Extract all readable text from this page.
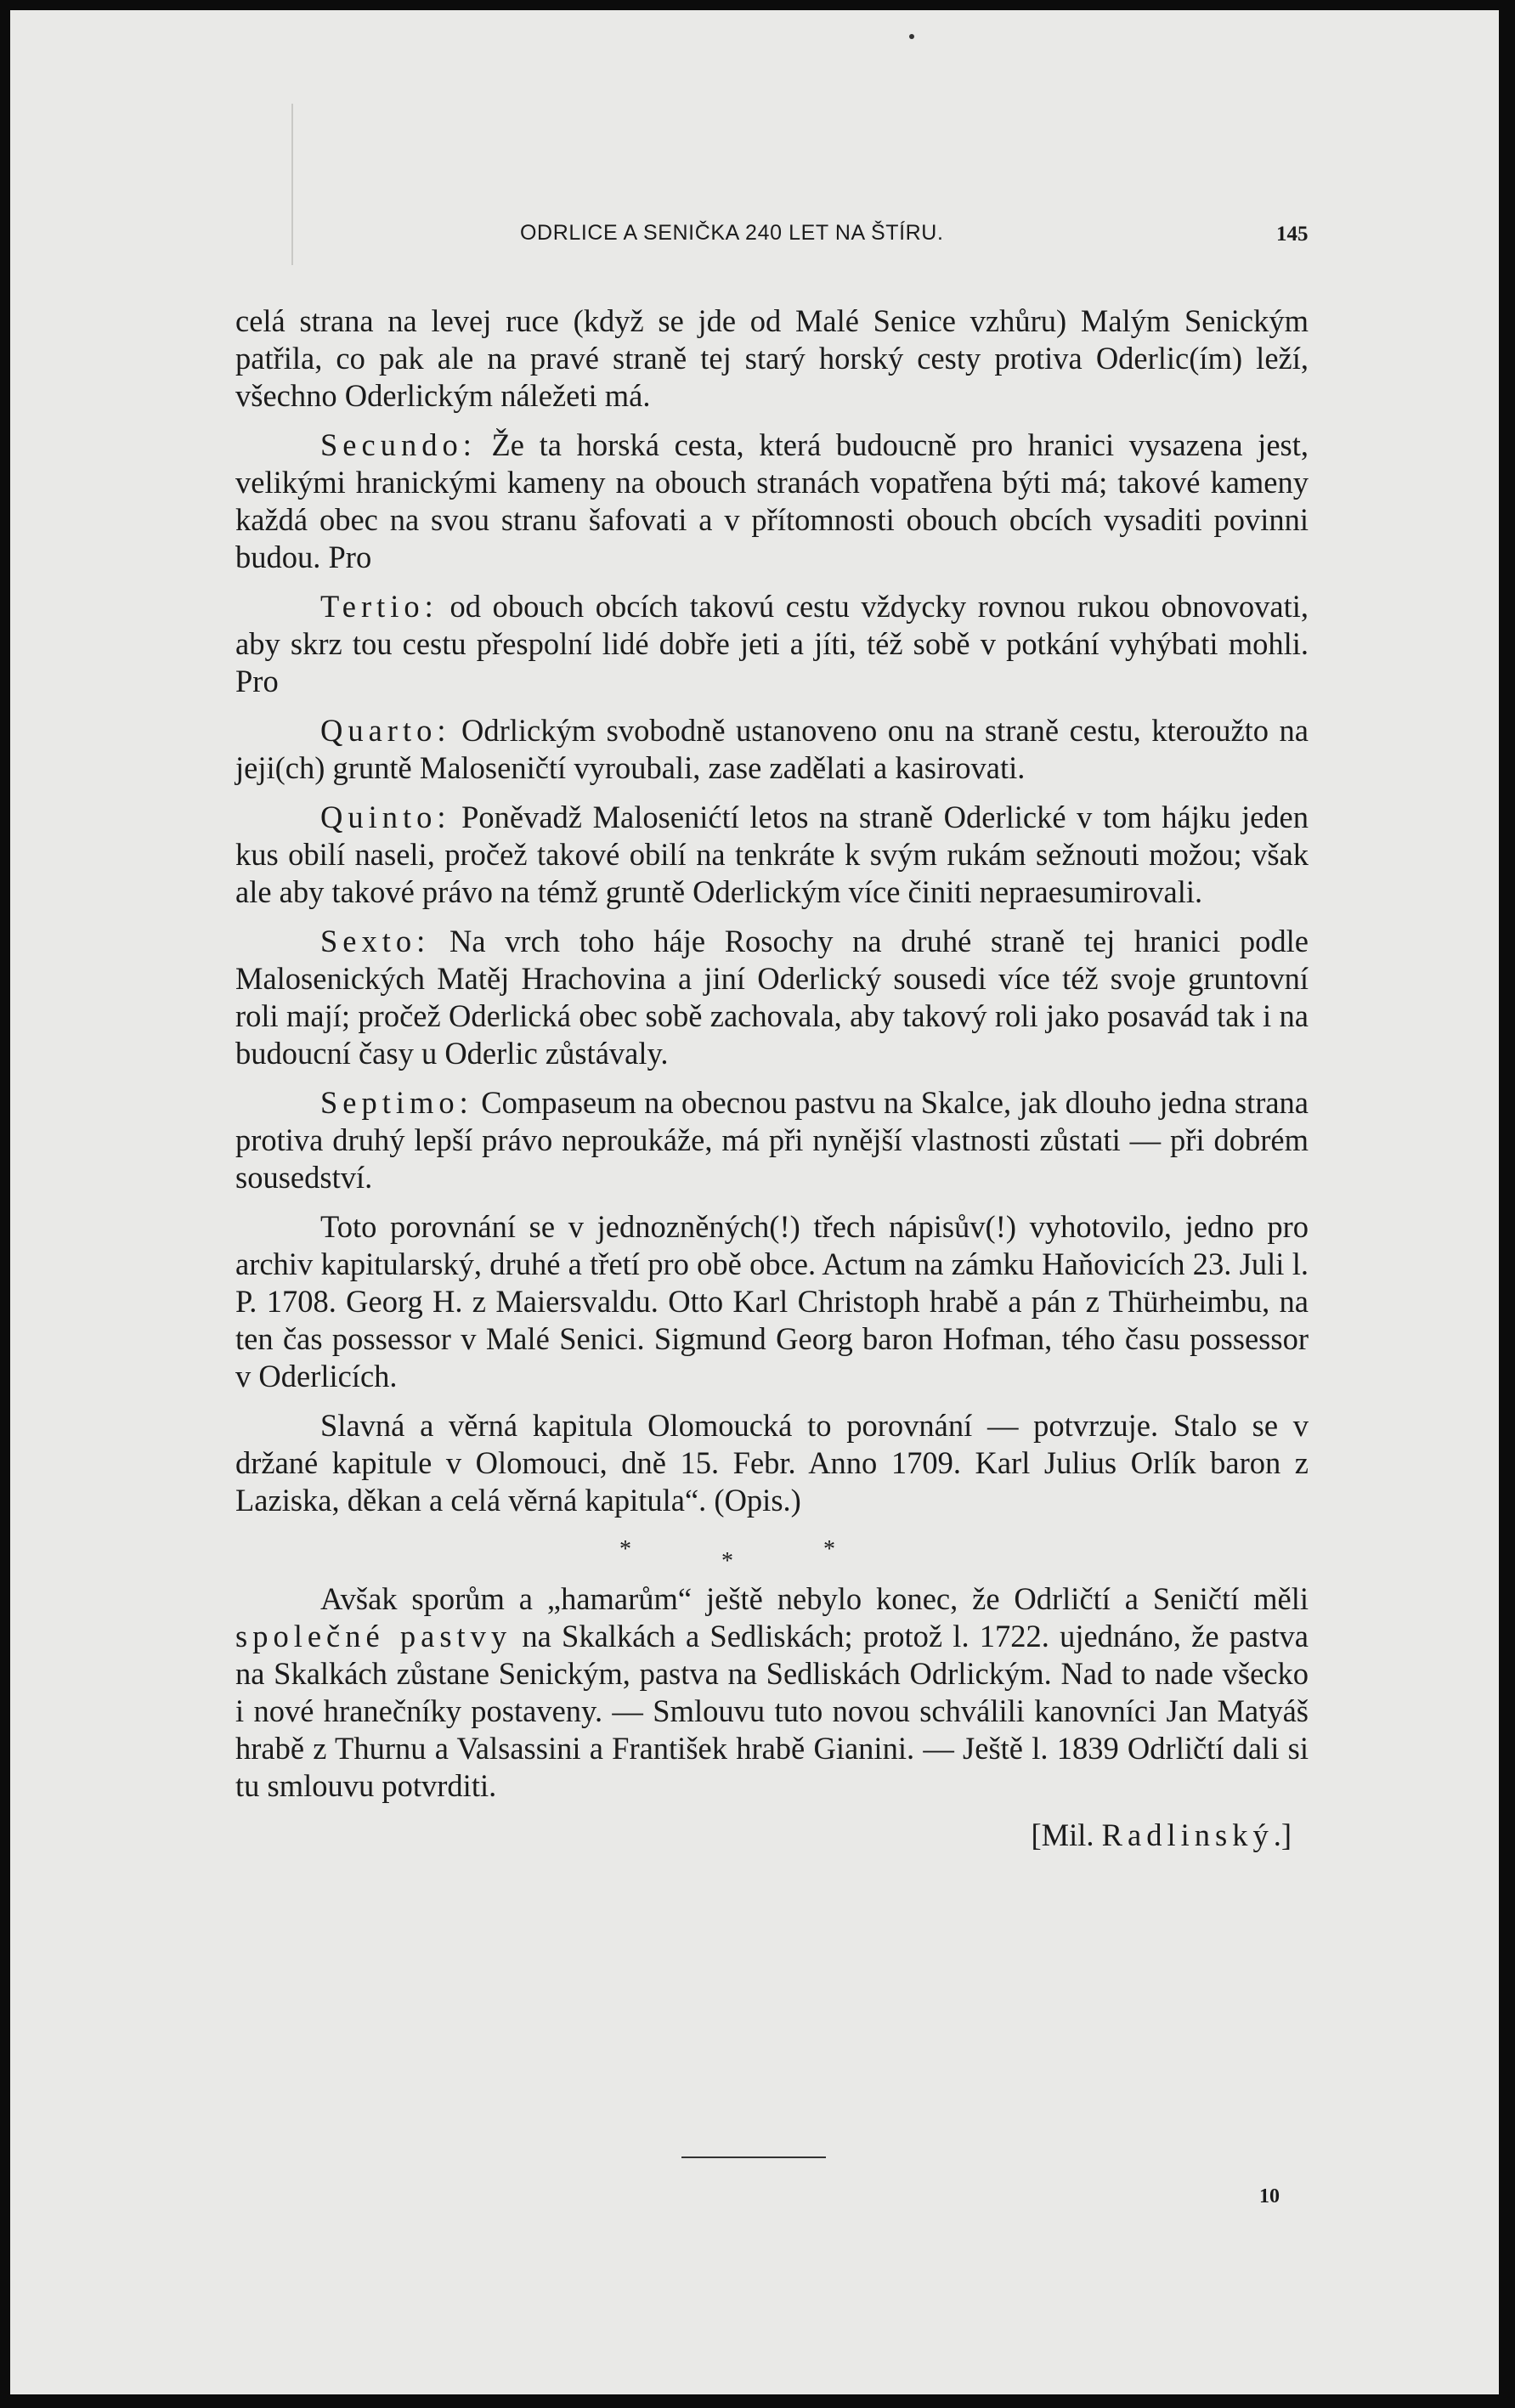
ODRLICE A SENIČKA 240 LET NA ŠTÍRU.	145

celá strana na levej ruce (když se jde od Malé Senice vzhůru) Malým Senickým patřila, co pak ale na pravé straně tej starý horský cesty protiva Oderlic(ím) leží, všechno Oderlickým náležeti má.

Secundo: Že ta horská cesta, která budoucně pro hranici vysazena jest, velikými hranickými kameny na obouch stranách vopatřena býti má; takové kameny každá obec na svou stranu šafovati a v přítomnosti obouch obcích vysaditi povinni budou. Pro

Tertio: od obouch obcích takovú cestu vždycky rovnou rukou obnovovati, aby skrz tou cestu přespolní lidé dobře jeti a jíti, též sobě v potkání vyhýbati mohli. Pro

Quarto: Odrlickým svobodně ustanoveno onu na straně cestu, kteroužto na jeji(ch) gruntě Maloseničtí vyroubali, zase zadělati a kasirovati.

Quinto: Poněvadž Malosenićtí letos na straně Oderlické v tom hájku jeden kus obilí naseli, pročež takové obilí na tenkráte k svým rukám sežnouti možou; však ale aby takové právo na témž gruntě Oderlickým více činiti nepraesumirovali.

Sexto: Na vrch toho háje Rosochy na druhé straně tej hranici podle Malosenických Matěj Hrachovina a jiní Oderlický sousedi více též svoje gruntovní roli mají; pročež Oderlická obec sobě zachovala, aby takový roli jako posavád tak i na budoucní časy u Oderlic zůstávaly.

Septimo: Compaseum na obecnou pastvu na Skalce, jak dlouho jedna strana protiva druhý lepší právo neproukáže, má při nynější vlastnosti zůstati — při dobrém sousedství.

Toto porovnání se v jednozněných(!) třech nápisův(!) vyhotovilo, jedno pro archiv kapitularský, druhé a třetí pro obě obce. Actum na zámku Haňovicích 23. Juli l. P. 1708. Georg H. z Maiersvaldu. Otto Karl Christoph hrabě a pán z Thürheimbu, na ten čas possessor v Malé Senici. Sigmund Georg baron Hofman, tého času possessor v Oderlicích.

Slavná a věrná kapitula Olomoucká to porovnání — potvrzuje. Stalo se v držané kapitule v Olomouci, dně 15. Febr. Anno 1709. Karl Julius Orlík baron z Laziska, děkan a celá věrná kapitula“. (Opis.)

*	*	*

Avšak sporům a „hamarům“ ještě nebylo konec, že Odrličtí a Seničtí měli společné pastvy na Skalkách a Sedliskách; protož l. 1722. ujednáno, že pastva na Skalkách zůstane Senickým, pastva na Sedliskách Odrlickým. Nad to nade všecko i nové hranečníky postaveny. — Smlouvu tuto novou schválili kanovníci Jan Matyáš hrabě z Thurnu a Valsassini a František hrabě Gianini. — Ještě l. 1839 Odrličtí dali si tu smlouvu potvrditi.

[Mil. Radlinský.]

10
